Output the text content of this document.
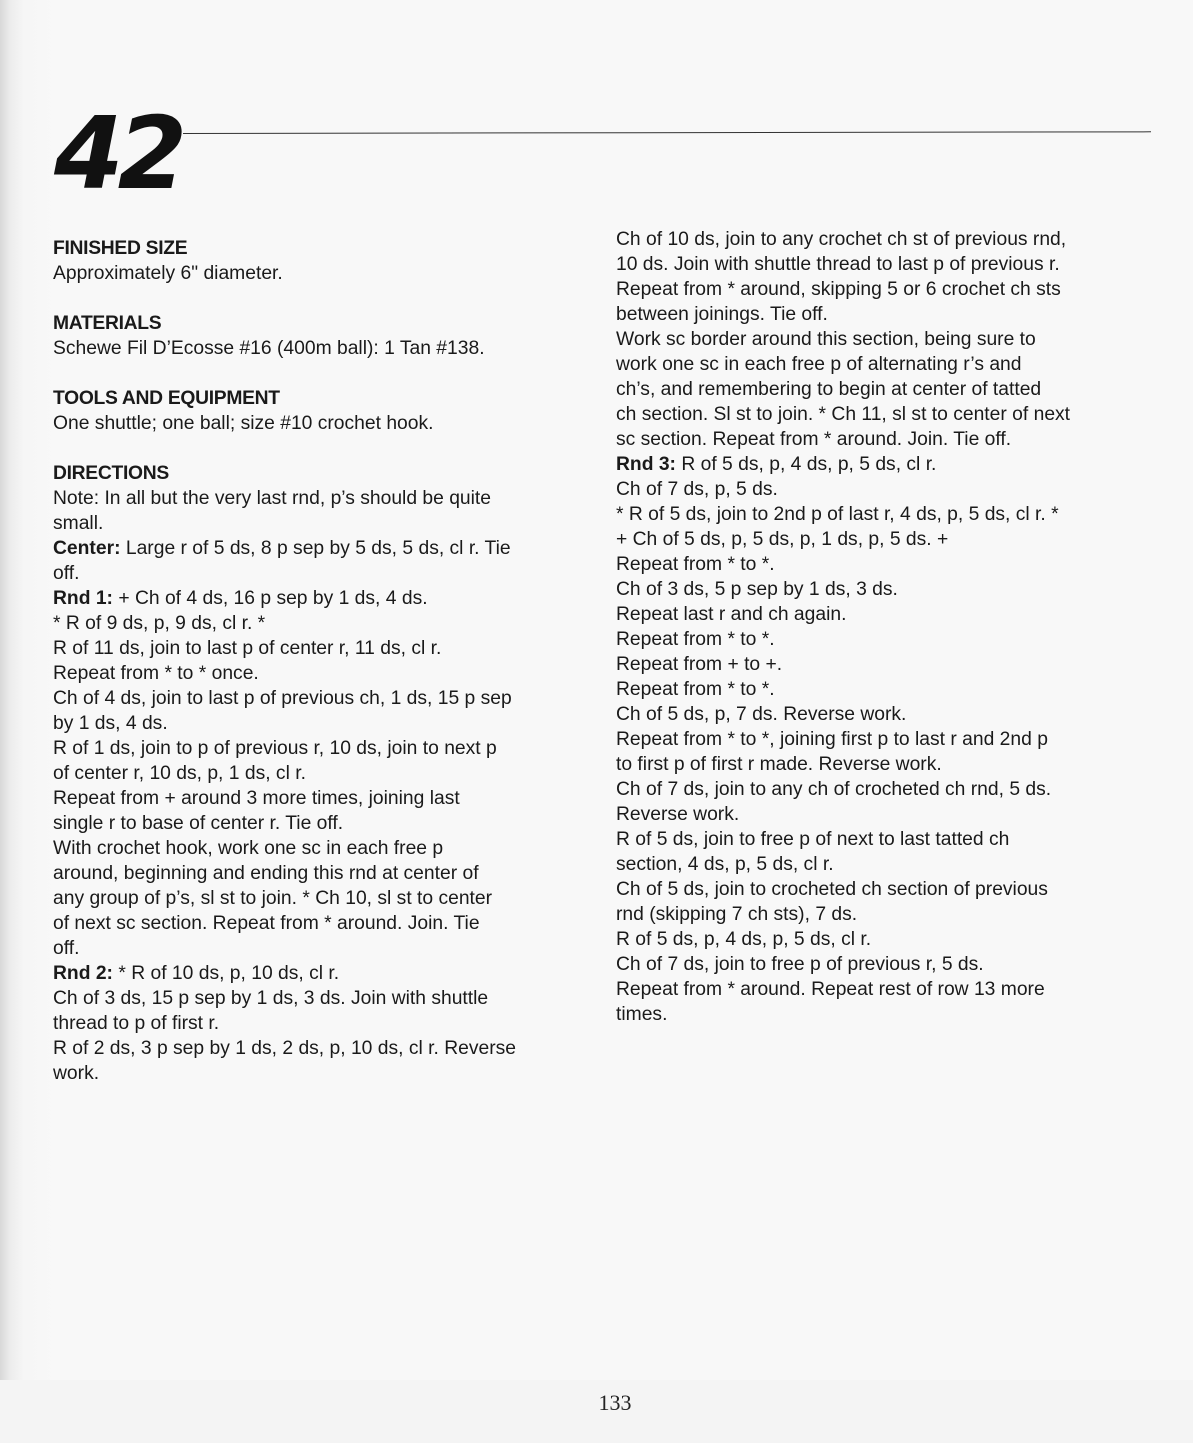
42
FINISHED SIZE
Approximately 6" diameter.
MATERIALS
Schewe Fil D’Ecosse #16 (400m ball): 1 Tan #138.
TOOLS AND EQUIPMENT
One shuttle; one ball; size #10 crochet hook.
DIRECTIONS
Note: In all but the very last rnd, p’s should be quite
small.
Center: Large r of 5 ds, 8 p sep by 5 ds, 5 ds, cl r. Tie
off.
Rnd 1: + Ch of 4 ds, 16 p sep by 1 ds, 4 ds.
* R of 9 ds, p, 9 ds, cl r. *
R of 11 ds, join to last p of center r, 11 ds, cl r.
Repeat from * to * once.
Ch of 4 ds, join to last p of previous ch, 1 ds, 15 p sep
by 1 ds, 4 ds.
R of 1 ds, join to p of previous r, 10 ds, join to next p
of center r, 10 ds, p, 1 ds, cl r.
Repeat from + around 3 more times, joining last
single r to base of center r. Tie off.
With crochet hook, work one sc in each free p
around, beginning and ending this rnd at center of
any group of p’s, sl st to join. * Ch 10, sl st to center
of next sc section. Repeat from * around. Join. Tie
off.
Rnd 2: * R of 10 ds, p, 10 ds, cl r.
Ch of 3 ds, 15 p sep by 1 ds, 3 ds. Join with shuttle
thread to p of first r.
R of 2 ds, 3 p sep by 1 ds, 2 ds, p, 10 ds, cl r. Reverse
work.
Ch of 10 ds, join to any crochet ch st of previous rnd,
10 ds. Join with shuttle thread to last p of previous r.
Repeat from * around, skipping 5 or 6 crochet ch sts
between joinings. Tie off.
Work sc border around this section, being sure to
work one sc in each free p of alternating r’s and
ch’s, and remembering to begin at center of tatted
ch section. Sl st to join. * Ch 11, sl st to center of next
sc section. Repeat from * around. Join. Tie off.
Rnd 3: R of 5 ds, p, 4 ds, p, 5 ds, cl r.
Ch of 7 ds, p, 5 ds.
* R of 5 ds, join to 2nd p of last r, 4 ds, p, 5 ds, cl r. *
+ Ch of 5 ds, p, 5 ds, p, 1 ds, p, 5 ds. +
Repeat from * to *.
Ch of 3 ds, 5 p sep by 1 ds, 3 ds.
Repeat last r and ch again.
Repeat from * to *.
Repeat from + to +.
Repeat from * to *.
Ch of 5 ds, p, 7 ds. Reverse work.
Repeat from * to *, joining first p to last r and 2nd p
to first p of first r made. Reverse work.
Ch of 7 ds, join to any ch of crocheted ch rnd, 5 ds.
Reverse work.
R of 5 ds, join to free p of next to last tatted ch
section, 4 ds, p, 5 ds, cl r.
Ch of 5 ds, join to crocheted ch section of previous
rnd (skipping 7 ch sts), 7 ds.
R of 5 ds, p, 4 ds, p, 5 ds, cl r.
Ch of 7 ds, join to free p of previous r, 5 ds.
Repeat from * around. Repeat rest of row 13 more
times.
133
